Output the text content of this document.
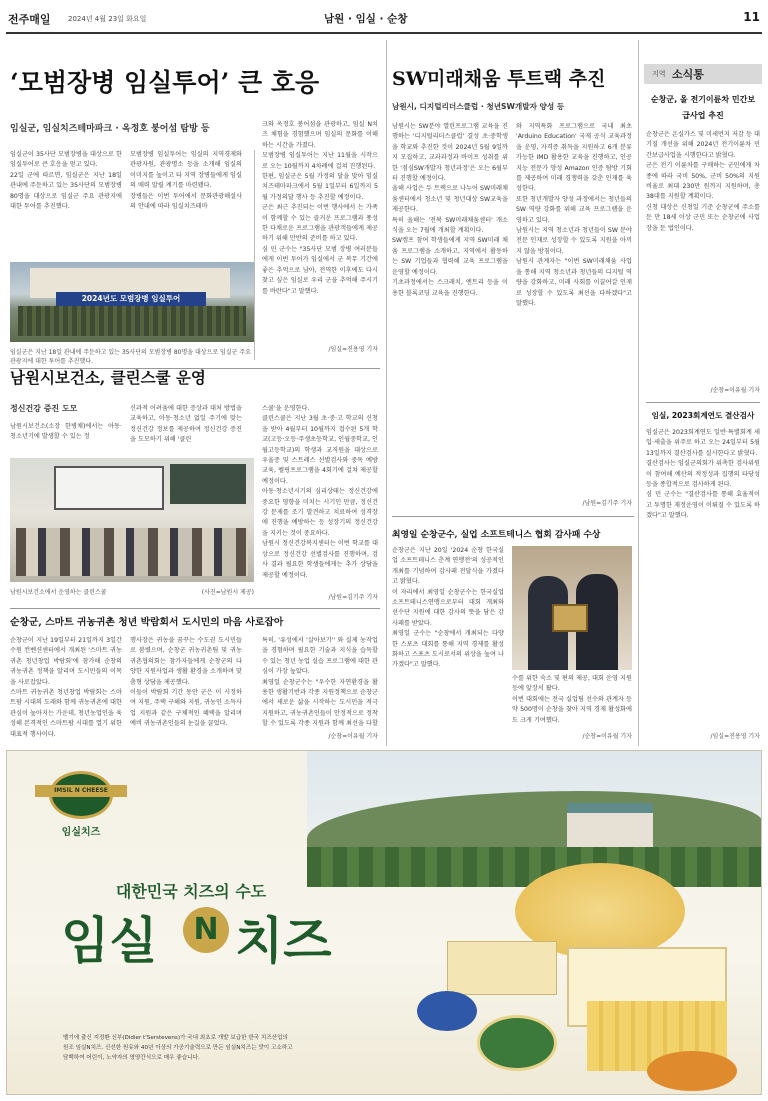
전주매일 2024년 4월 23일 화요일	남원 · 임실 · 순창	11
‘모범장병 임실투어’ 큰 호응
임실군, 임실치즈테마파크 · 옥정호 붕어섬 탐방 등
임실군이 35사단 모범장병을 대상으로 한 임실투어로 큰 호응을 얻고 있다.
22일 군에 따르면, 임실군은 지난 18일 관내에 주둔하고 있는 35사단의 모범장병 80명을 대상으로 임실군 주요 관광지에 대한 투어를 추진했다.
모범장병 임실투어는 임실의 지역경제와 관광자원, 관광명소 등을 소개해 임실의 이미지를 높이고 타 지역 장병들에게 임실의 매력 알릴 계기를 마련됐다.
장병들은 이번 투어에서 문화관광해설사의 안내에 따라 임실치즈테마
크와 옥정호 붕어섬을 관광하고, 임실 N치즈 체험을 경험했으며 임실의 문화를 이해하는 시간을 가졌다.
모범장병 임실투어는 지난 11월을 시작으로 오는 10월까지 4차례에 걸쳐 진행된다.
한편, 임실군은 5월 가정의 달을 맞아 임실치즈테마파크에서 5월 1일부터 6일까지 5월 가정의달 행사 등 추진할 예정이다.
군은 최근 추진되는 이번 행사에서 는 가족이 함께할 수 있는 즐거운 프로그램과 풍성한 다채로운 프로그램을 관광객들에게 제공하기 위해 만반의 준비를 하고 있다.
심 민 군수는 "35사단 모범 장병 여러분들에게 이번 투어가 임실에서 군 복무 기간에 좋은 추억으로 남아, 전역한 이후에도 다시 찾고 싶은 임실로 우리 군을 추억해 주시기를 바란다"고 말했다.
/임실=진용영 기자
2024년도 모범장병 임실투어
임실군은 지난 18일 관내에 주둔하고 있는 35사단의 모범장병 80명을 대상으로 임실군 주요 관광지에 대한 투어를 추진했다.
남원시보건소, 클린스쿨 운영
정신건강 증진 도모
남원시보건소(소장 한병채)에서는 아동·청소년기에 발생할 수 있는 정
신과적 어려움에 대한 증상과 대처 방법을 교육하고, 아동·청소년 없일 주기에 맞는 정신건강 정보를 제공하여 정신건강 증진을 도모하기 위해 '클린
스쿨'을 운영한다.
클린스쿨은 지난 3월 초·중·고 학교의 신청을 받아 4월부터 10월까지 접수된 5개 학교(고등·오등·주생초등학교, 인월중학교, 인월고등학교)의 학생과 교직원을 대상으로 우울증 및 스트레스 선별검사와 중독 예방교육, 펠링프로그램을 4회기에 걸쳐 제공할 예정이다.
아동·청소년시기의 심리상태는 정신건강에 중요한 영향을 미치는 시기인 만큼, 정신건강 문제를 조기 발견하고 치료하여 성격장애 진행을 예방하는 등 성장기의 정신건강을 지키는 것이 중요하다.
남원시 정신건강복지센터는 이번 학교를 대상으로 정신건강 선별검사를 진행하며, 검사 결과 필요한 학생들에게는 추가 상담을 제공할 예정이다.
/남원=김기주 기자
남원시보건소에서 운영하는 클린스쿨	(사진=남원시 제공)
순창군, 스마트 귀농귀촌 청년 박람회서 도시민의 마음 사로잡아
순창군이 지난 19일부터 21일까지 3일간 수원 컨벤션센터에서 개최된 '스마트 귀농귀촌 청년창업 박람회'에 참가해 순창의 귀농귀촌 정책을 알리며 도시민들의 이목을 사로잡았다.
스마트 귀농귀촌 청년창업 박람회는 스마트팜 시대의 도래와 함께 귀농귀촌에 대한 관심이 높아지는 가운데, 청년농업인을 육성해 본격적인 스마트팜 시대를 열기 위한 대표적 행사이다.
행사장은 귀농을 꿈꾸는 수도권 도시민들로 붐볐으며, 순창군 귀농귀촌팀 및 귀농귀촌협의회는 참가자들에게 순창군의 다양한 지원사업과 생활 환경을 소개하며 맞춤형 상담을 제공했다.
이들이 박람회 기간 동안 군은 이 시정하여 지원, 주택 구해와 지원, 귀농인 소득사업 지원과 같은 구체적인 혜택을 알리며 예비 귀농귀촌인들의 눈길을 끌었다.
특히, '유성에서 '살아보기'' 와 실제 농작업을 경험하며 필요한 기술과 지식을 습득할 수 있는 청년 농업 실습 프로그램에 대한 관심이 가장 높았다.
최영일 순창군수는 "우수한 자연환경을 활용한 생활기반과 각종 지원정책으로 순창군에서 새로운 삶을 시작하는 도시민을 적극 지원하고, 귀농귀촌인들이 안정적으로 정착할 수 있도록 각종 지원과 함께 최선을 다할
/순창=이유월 기자
SW미래채움 투트랙 추진
남원시, 디지털리더스클럽 · 청년SW개발자 양성 등
남원시는 SW분야 열린프로그램 교육을 진행하는 '디지털리더스클럽' 결성 초·중학생을 학교와 추진한 것이 2024년 5월 9일까지 모집하고, 교과과정과 바이프 성취를 위한 '점심SW개발자 청년과정'은 오는 6월부터 진행할 예정이다.
올해 사업은 두 트랙으로 나누어 SW미래채움센터에서 청소년 및 청년대상 SW교육을 제공한다.
특히 올해는 '전북 SW미래채움센터' 개소식을 오는 7월에 개최할 계획이다.
SW캠프 참여 학생들에게 지역 SW미래 채움 프로그램을 소개하고, 지역에서 활동하는 SW 기업들과 협력해 교육 프로그램을 운영할 예정이다.
기초과정에서는 스크래치, 엔트리 등을 이용한 블록코딩 교육을 진행한다.
와 지역특화 프로그램으로 국내 최초 'Arduino Education' 국제 공식 교육과정을 운영, 자격증 취득을 지원하고 6개 분류 가능한 IMD 활용한 교육을 진행하고, 인공지능 전문가 양성 Amazon 인증 탐방 기회를 제공하여 미래 경쟁력을 갖춘 인재를 육성한다.
또한 청년개발자 양성 과정에서는 청년들의 SW 역량 강화를 위해 교육 프로그램을 운영하고 있다.
남원시는 지역 청소년과 청년들이 SW 분야 전문 인재로 성장할 수 있도록 지원을 아끼지 않을 방침이다.
남원시 관계자는 "이번 SW미래채움 사업을 통해 지역 청소년과 청년들의 디지털 역량을 강화하고, 미래 사회를 이끌어갈 인재로 성장할 수 있도록 최선을 다하겠다"고 말했다.
/남원=김기주 기자
최영일 순창군수, 실업 소프트테니스 협회 감사패 수상
순창군은 지난 20일 '2024 순창 한국실업 소프트테니스 춘계 연맹전'의 성공적인 개최를 기념하여 감사패 전달식을 가졌다고 밝혔다.
이 자리에서 최영일 순창군수는 한국실업소프트테니스연맹으로부터 대회 개최와 선수단 지원에 대한 감사의 뜻을 담은 감사패를 받았다.
최영일 군수는 "순창에서 개최되는 다양한 스포츠 대회를 통해 지역 경제를 활성화하고 스포츠 도시로서의 위상을 높여 나가겠다"고 말했다.
수를 위한 숙소 및 편의 제공, 대회 운영 지원 등에 앞장서 왔다.
이번 대회에는 전국 실업팀 선수와 관계자 등 약 500명이 순창을 찾아 지역 경제 활성화에도 크게 기여했다.

/순창=이유월 기자
지역 소식통
순창군, 올 전기이륜차 민간보급사업 추진
순창군은 온실가스 및 미세먼지 저감 등 대기질 개선을 위해 2024년 전기이륜차 민간보급사업을 시행한다고 밝혔다.
군은 전기 이륜차를 구매하는 군민에게 차종에 따라 국비 50%, 군비 50%의 지원 비율로 최대 230만 원까지 지원하며, 총 38대를 지원할 계획이다.
신청 대상은 신청일 기준 순창군에 주소를 둔 만 18세 이상 군민 또는 순창군에 사업장을 둔 법인이다.
/순창=이유월 기자
임실, 2023회계연도 결산검사
임실군은 2023회계연도 일반·특별회계 세입·세출을 위주로 하고 오는 24일부터 5월 13일까지 결산검사를 실시한다고 밝혔다.
결산검사는 임실군의회가 위촉한 검사위원이 참여해 예산의 적정성과 집행의 타당성 등을 종합적으로 검사하게 된다.
심 민 군수는 "결산검사를 통해 효율적이고 투명한 재정운영이 이뤄질 수 있도록 하겠다"고 말했다.
/임실=진용영 기자
IMSIL N CHEESE
임실치즈
대한민국 치즈의 수도
임실	N 치즈
벨기에 출신 지정환 신부(Didier t'Serstevens)가 국내 최초로 개발 보급한 한국 치즈산업의
원조 임실N치즈. 신선한 원유와 40년 이상의 가공기술력으로 만든 임실N치즈는 맛이 고소하고
담백하여 어린이, 노약자의 영양간식으로 매우 좋습니다.
